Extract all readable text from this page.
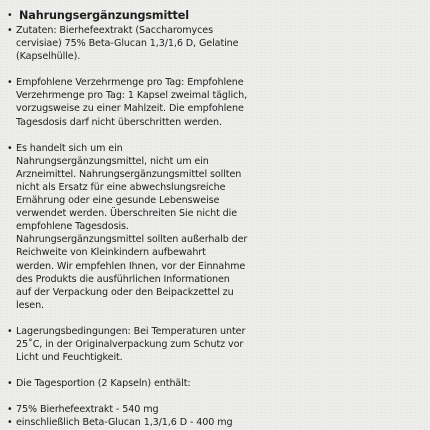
• Nahrungsergänzungsmittel
• Zutaten: Bierhefeextrakt (Saccharomyces
cervisiae) 75% Beta-Glucan 1,3/1,6 D, Gelatine
(Kapselhülle).
• Empfohlene Verzehrmenge pro Tag: Empfohlene
Verzehrmenge pro Tag: 1 Kapsel zweimal täglich,
vorzugsweise zu einer Mahlzeit. Die empfohlene
Tagesdosis darf nicht überschritten werden.
• Es handelt sich um ein
Nahrungsergänzungsmittel, nicht um ein
Arzneimittel. Nahrungsergänzungsmittel sollten
nicht als Ersatz für eine abwechslungsreiche
Ernährung oder eine gesunde Lebensweise
verwendet werden. Überschreiten Sie nicht die
empfohlene Tagesdosis.
Nahrungsergänzungsmittel sollten außerhalb der
Reichweite von Kleinkindern aufbewahrt
werden. Wir empfehlen Ihnen, vor der Einnahme
des Produkts die ausführlichen Informationen
auf der Verpackung oder den Beipackzettel zu
lesen.
• Lagerungsbedingungen: Bei Temperaturen unter
25˚C, in der Originalverpackung zum Schutz vor
Licht und Feuchtigkeit.
• Die Tagesportion (2 Kapseln) enthält:
• 75% Bierhefeextrakt - 540 mg
• einschließlich Beta-Glucan 1,3/1,6 D - 400 mg
